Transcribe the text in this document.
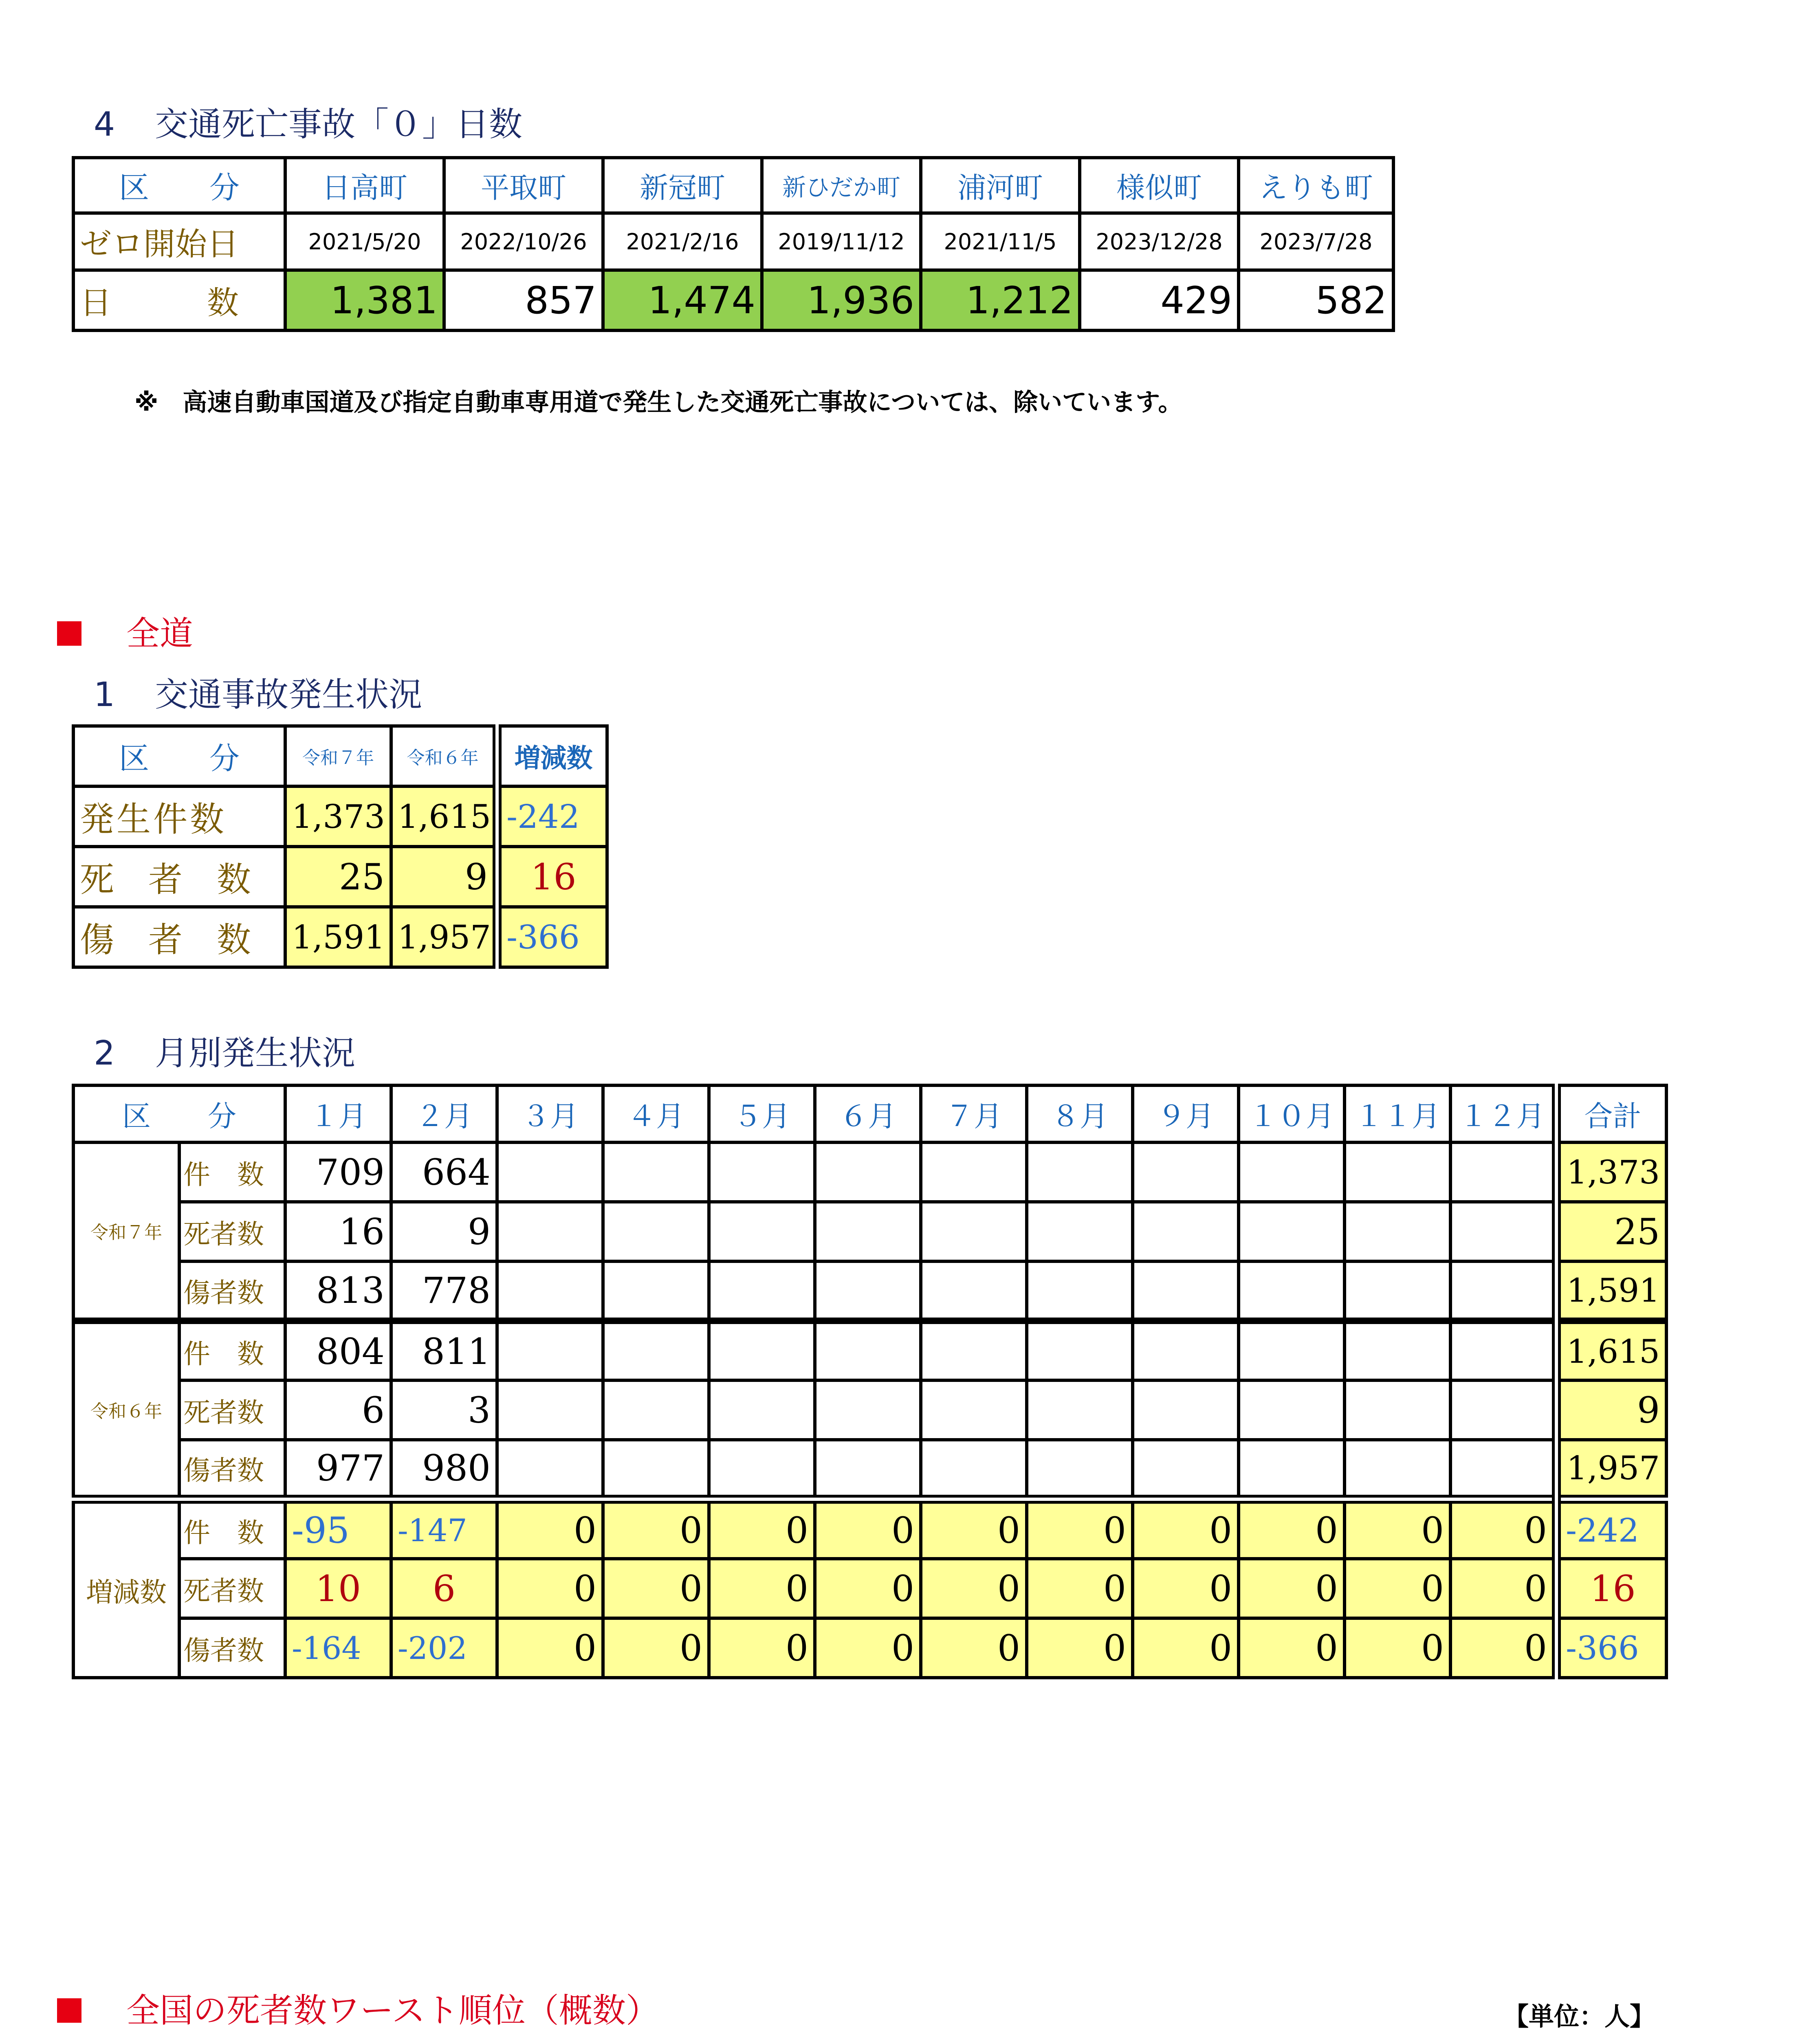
4 交通死亡事故「０」日数
区　　分	日高町	平取町	新冠町	新ひだか町	浦河町	様似町	えりも町
ゼロ開始日	2021/5/20	2022/10/26	2021/2/16	2019/11/12	2021/11/5	2023/12/28	2023/7/28
日　　　数	1,381	857	1,474	1,936	1,212	429	582
※　高速自動車国道及び指定自動車専用道で発生した交通死亡事故については、除いています。
全道
1 交通事故発生状況
区　　分	令和７年	令和６年	増減数
発生件数	1,373	1,615	-242
死　者　数	25	9	16
傷　者　数	1,591	1,957	-366
2 月別発生状況
区　　分		１月	２月	３月	４月	５月	６月	７月	８月	９月	１０月	１１月	１２月	合計
令和７年	件　数	709	664											1,373
	死者数	16	9											25
	傷者数	813	778											1,591
令和６年	件　数	804	811											1,615
	死者数	6	3											9
	傷者数	977	980											1,957
増減数	件　数	-95	-147	0	0	0	0	0	0	0	0	0	0	-242
	死者数	10	6	0	0	0	0	0	0	0	0	0	0	16
	傷者数	-164	-202	0	0	0	0	0	0	0	0	0	0	-366
全国の死者数ワースト順位（概数）	【単位：人】
